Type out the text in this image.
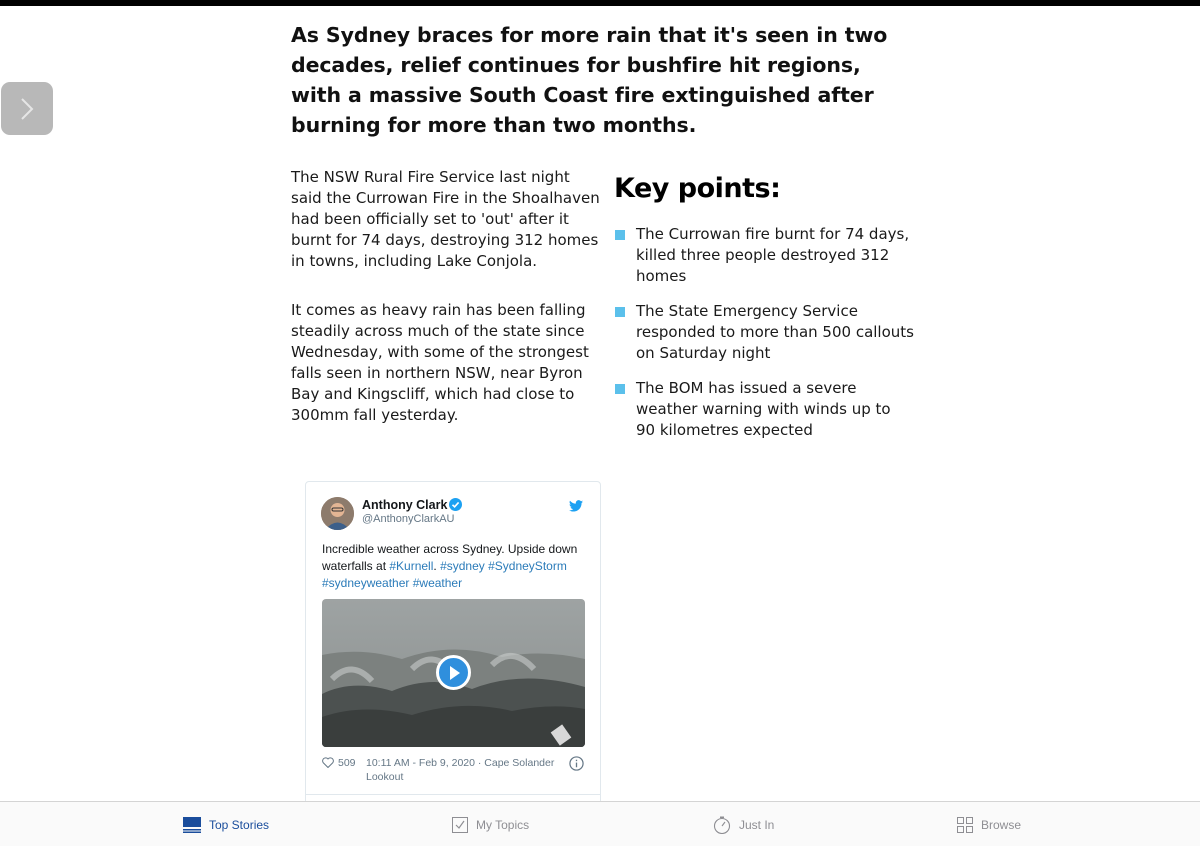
As Sydney braces for more rain that it's seen in two decades, relief continues for bushfire hit regions, with a massive South Coast fire extinguished after burning for more than two months.

The NSW Rural Fire Service last night said the Currowan Fire in the Shoalhaven had been officially set to 'out' after it burnt for 74 days, destroying 312 homes in towns, including Lake Conjola.

It comes as heavy rain has been falling steadily across much of the state since Wednesday, with some of the strongest falls seen in northern NSW, near Byron Bay and Kingscliff, which had close to 300mm fall yesterday.

Key points:
The Currowan fire burnt for 74 days, killed three people destroyed 312 homes
The State Emergency Service responded to more than 500 callouts on Saturday night
The BOM has issued a severe weather warning with winds up to 90 kilometres expected
Anthony Clark
@AnthonyClarkAU
Incredible weather across Sydney. Upside down waterfalls at #Kurnell. #sydney #SydneyStorm #sydneyweather #weather
509 10:11 AM - Feb 9, 2020 · Cape Solander Lookout
Top Stories	My Topics	Just In	Browse
